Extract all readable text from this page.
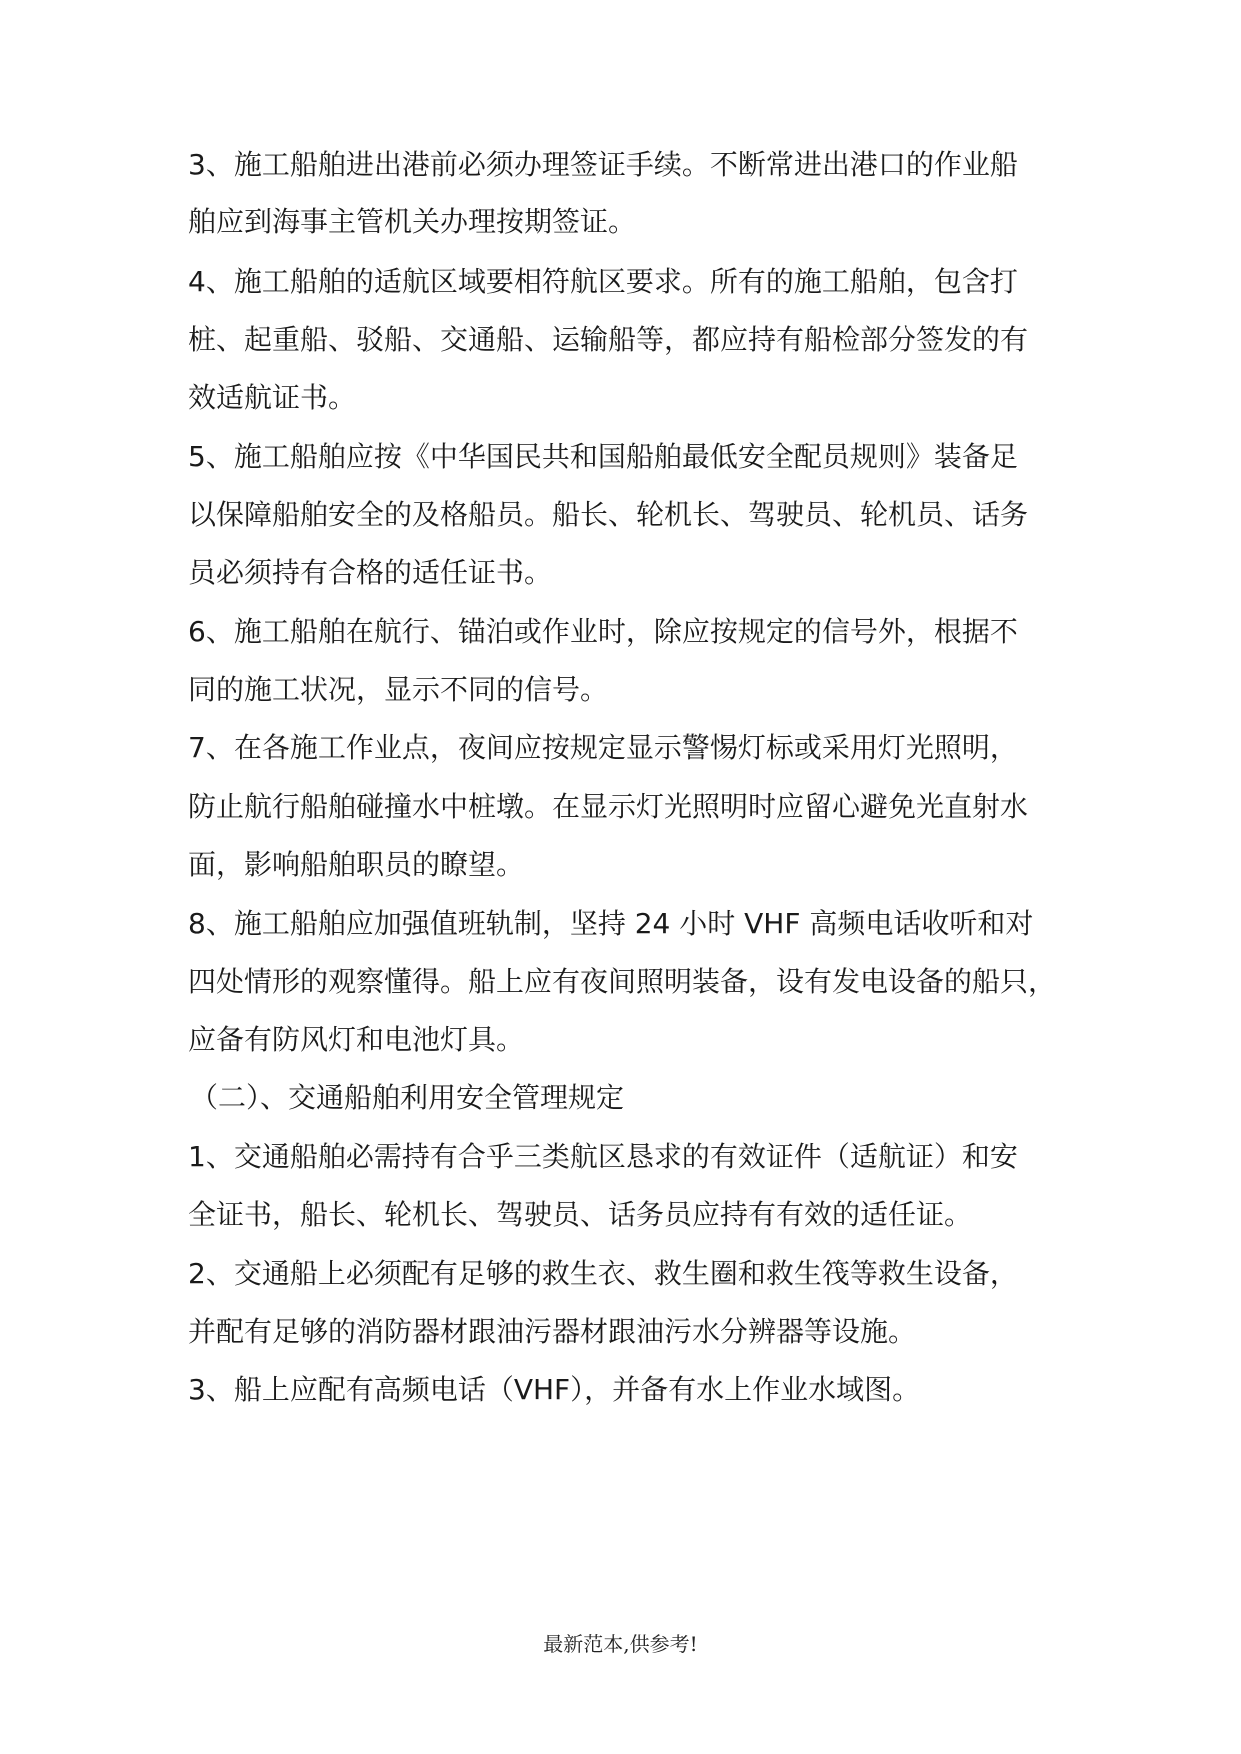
3、施工船舶进出港前必须办理签证手续。不断常进出港口的作业船
舶应到海事主管机关办理按期签证。
4、施工船舶的适航区域要相符航区要求。所有的施工船舶，包含打
桩、起重船、驳船、交通船、运输船等，都应持有船检部分签发的有
效适航证书。
5、施工船舶应按《中华国民共和国船舶最低安全配员规则》装备足
以保障船舶安全的及格船员。船长、轮机长、驾驶员、轮机员、话务
员必须持有合格的适任证书。
6、施工船舶在航行、锚泊或作业时，除应按规定的信号外，根据不
同的施工状况，显示不同的信号。
7、在各施工作业点，夜间应按规定显示警惕灯标或采用灯光照明，
防止航行船舶碰撞水中桩墩。在显示灯光照明时应留心避免光直射水
面，影响船舶职员的瞭望。
8、施工船舶应加强值班轨制，坚持 24 小时 VHF 高频电话收听和对
四处情形的观察懂得。船上应有夜间照明装备，设有发电设备的船只，
应备有防风灯和电池灯具。
（二）、交通船舶利用安全管理规定
1、交通船舶必需持有合乎三类航区恳求的有效证件（适航证）和安
全证书，船长、轮机长、驾驶员、话务员应持有有效的适任证。
2、交通船上必须配有足够的救生衣、救生圈和救生筏等救生设备，
并配有足够的消防器材跟油污器材跟油污水分辨器等设施。
3、船上应配有高频电话（VHF），并备有水上作业水域图。
最新范本,供参考!
